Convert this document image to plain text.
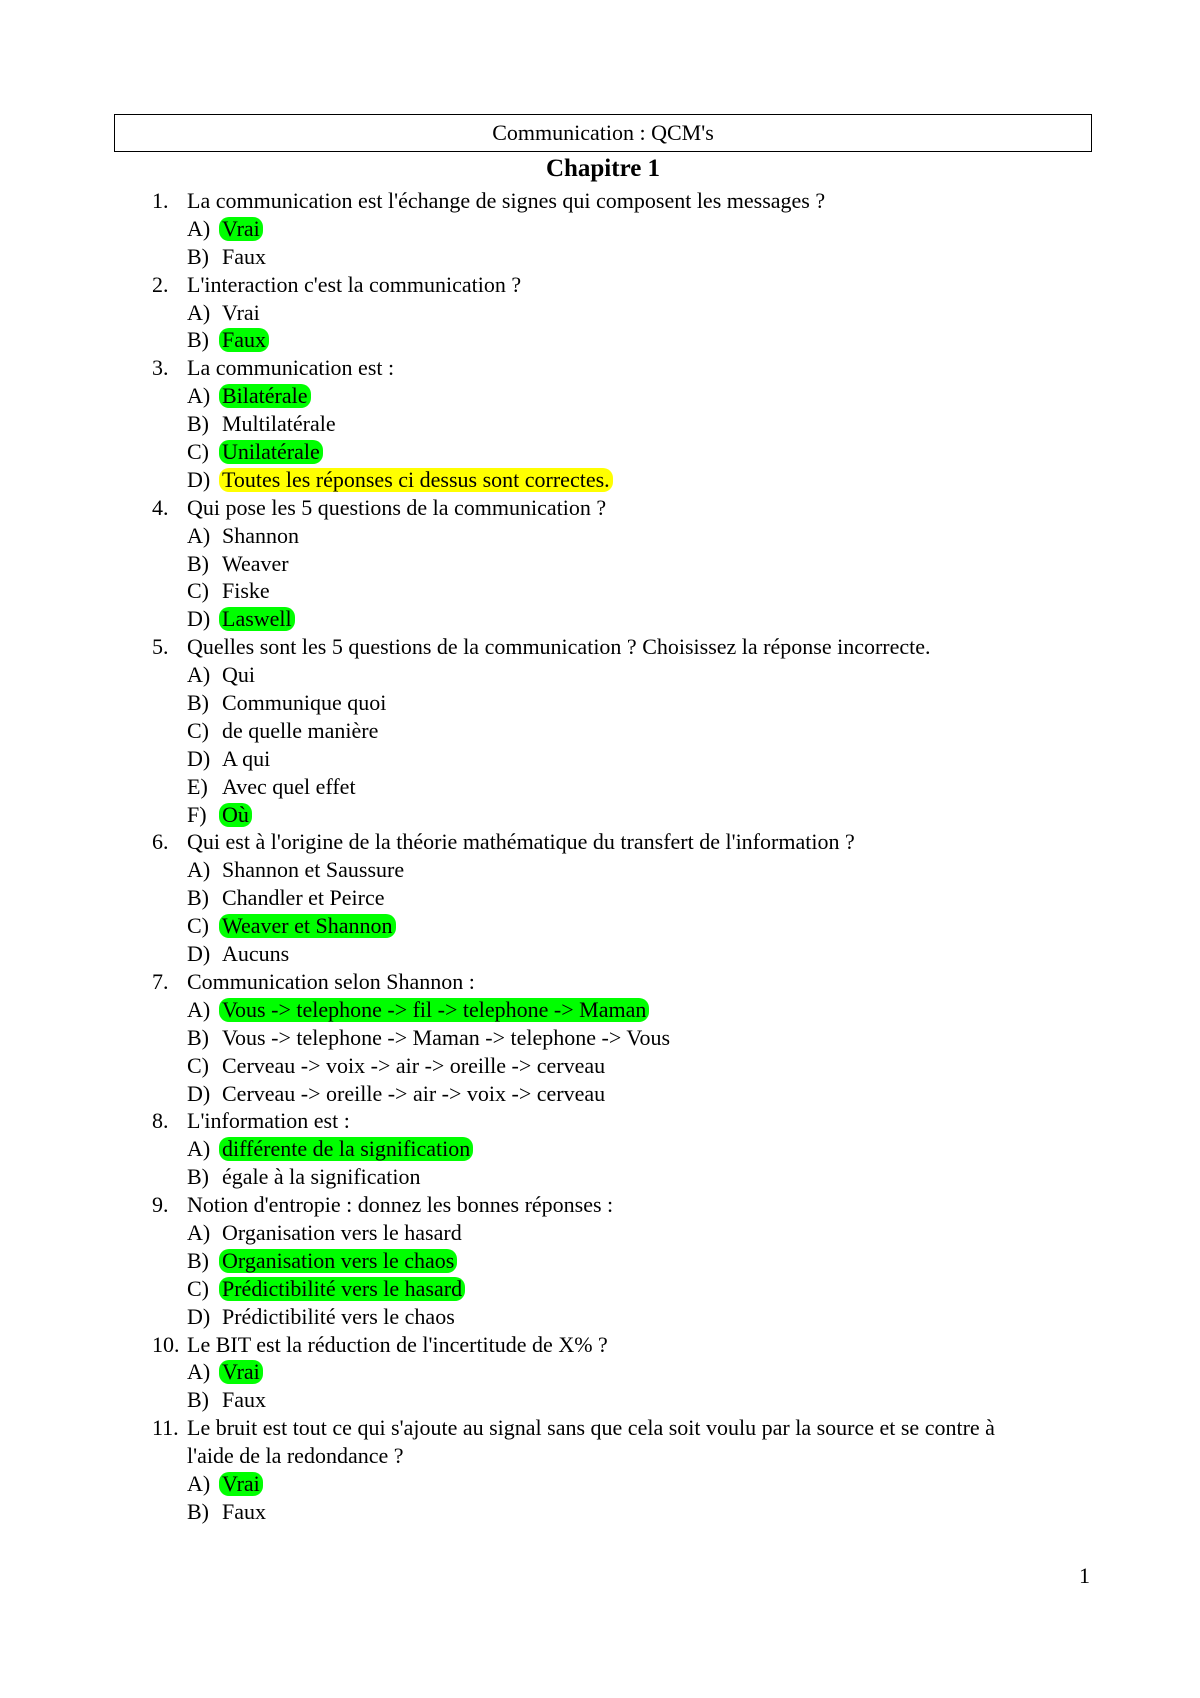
Communication : QCM's
Chapitre 1
1. La communication est l'échange de signes qui composent les messages ?
A) Vrai
B) Faux
2. L'interaction c'est la communication ?
A) Vrai
B) Faux
3. La communication est :
A) Bilatérale
B) Multilatérale
C) Unilatérale
D) Toutes les réponses ci dessus sont correctes.
4. Qui pose les 5 questions de la communication ?
A) Shannon
B) Weaver
C) Fiske
D) Laswell
5. Quelles sont les 5 questions de la communication ? Choisissez la réponse incorrecte.
A) Qui
B) Communique quoi
C) de quelle manière
D) A qui
E) Avec quel effet
F) Où
6. Qui est à l'origine de la théorie mathématique du transfert de l'information ?
A) Shannon et Saussure
B) Chandler et Peirce
C) Weaver et Shannon
D) Aucuns
7. Communication selon Shannon :
A) Vous -> telephone -> fil -> telephone -> Maman
B) Vous -> telephone -> Maman -> telephone -> Vous
C) Cerveau -> voix -> air -> oreille -> cerveau
D) Cerveau -> oreille -> air -> voix -> cerveau
8. L'information est :
A) différente de la signification
B) égale à la signification
9. Notion d'entropie : donnez les bonnes réponses :
A) Organisation vers le hasard
B) Organisation vers le chaos
C) Prédictibilité vers le hasard
D) Prédictibilité vers le chaos
10. Le BIT est la réduction de l'incertitude de X% ?
A) Vrai
B) Faux
11. Le bruit est tout ce qui s'ajoute au signal sans que cela soit voulu par la source et se contre à
l'aide de la redondance ?
A) Vrai
B) Faux
1
